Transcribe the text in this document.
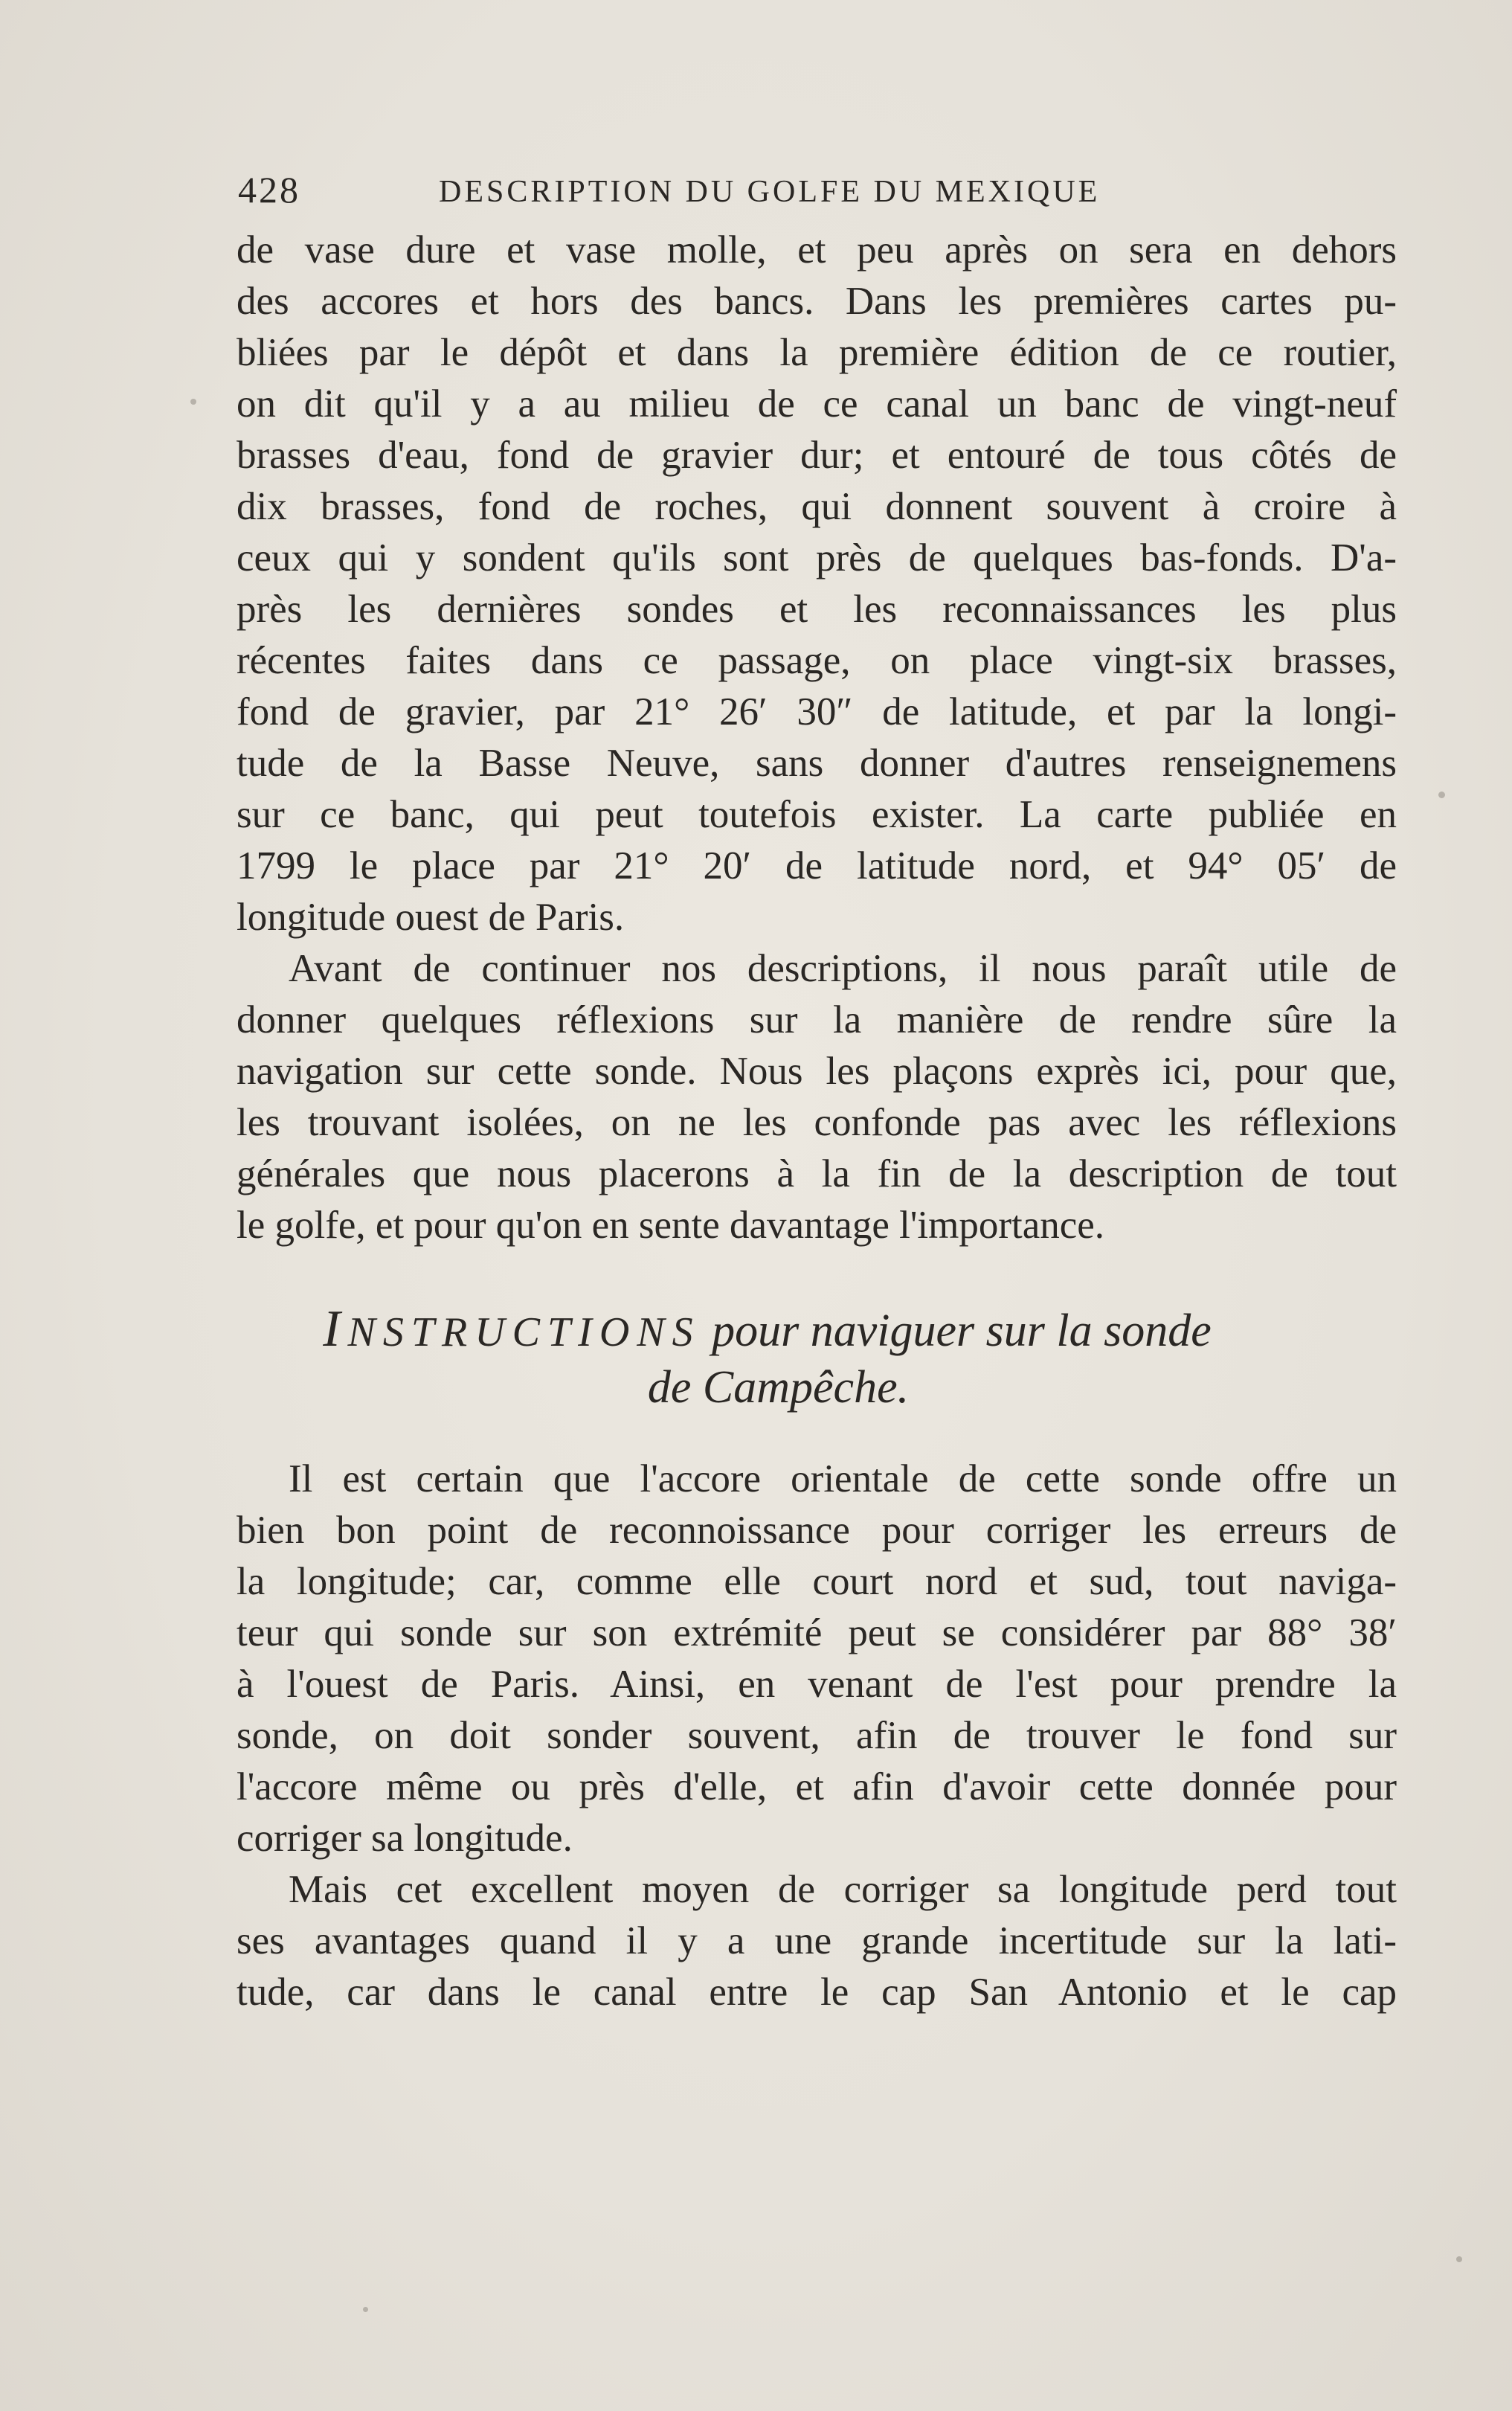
428	DESCRIPTION DU GOLFE DU MEXIQUE
de vase dure et vase molle, et peu après on sera en dehors
des accores et hors des bancs. Dans les premières cartes pu-
bliées par le dépôt et dans la première édition de ce routier,
on dit qu'il y a au milieu de ce canal un banc de vingt-neuf
brasses d'eau, fond de gravier dur; et entouré de tous côtés de
dix brasses, fond de roches, qui donnent souvent à croire à
ceux qui y sondent qu'ils sont près de quelques bas-fonds. D'a-
près les dernières sondes et les reconnaissances les plus
récentes faites dans ce passage, on place vingt-six brasses,
fond de gravier, par 21° 26′ 30″ de latitude, et par la longi-
tude de la Basse Neuve, sans donner d'autres renseignemens
sur ce banc, qui peut toutefois exister. La carte publiée en
1799 le place par 21° 20′ de latitude nord, et 94° 05′ de
longitude ouest de Paris.
Avant de continuer nos descriptions, il nous paraît utile de
donner quelques réflexions sur la manière de rendre sûre la
navigation sur cette sonde. Nous les plaçons exprès ici, pour que,
les trouvant isolées, on ne les confonde pas avec les réflexions
générales que nous placerons à la fin de la description de tout
le golfe, et pour qu'on en sente davantage l'importance.
INSTRUCTIONS pour naviguer sur la sonde
de Campêche.
Il est certain que l'accore orientale de cette sonde offre un
bien bon point de reconnoissance pour corriger les erreurs de
la longitude; car, comme elle court nord et sud, tout naviga-
teur qui sonde sur son extrémité peut se considérer par 88° 38′
à l'ouest de Paris. Ainsi, en venant de l'est pour prendre la
sonde, on doit sonder souvent, afin de trouver le fond sur
l'accore même ou près d'elle, et afin d'avoir cette donnée pour
corriger sa longitude.
Mais cet excellent moyen de corriger sa longitude perd tout
ses avantages quand il y a une grande incertitude sur la lati-
tude, car dans le canal entre le cap San Antonio et le cap
